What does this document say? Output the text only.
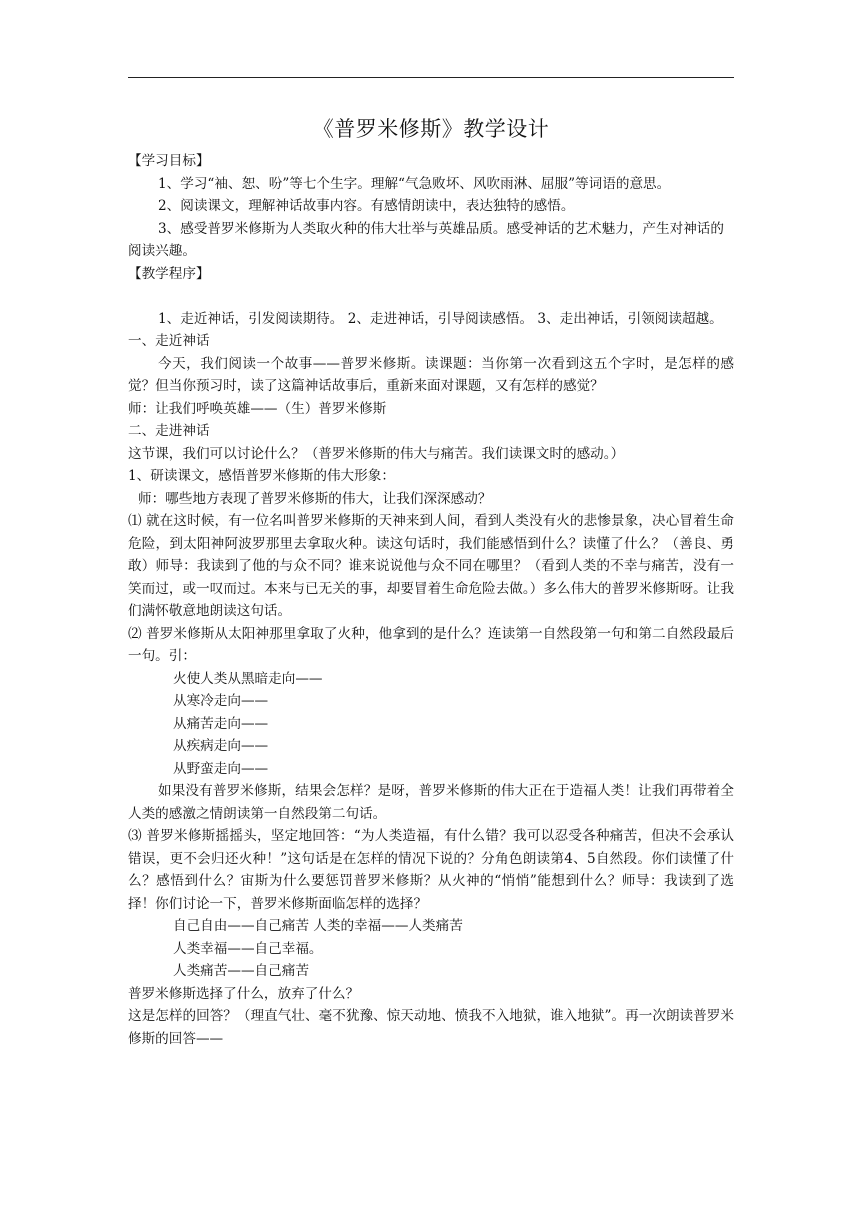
《普罗米修斯》教学设计

【学习目标】

1、学习“袖、恕、吩”等七个生字。理解“气急败坏、风吹雨淋、屈服”等词语的意思。

2、阅读课文，理解神话故事内容。有感情朗读中，表达独特的感悟。

3、感受普罗米修斯为人类取火种的伟大壮举与英雄品质。感受神话的艺术魅力，产生对神话的阅读兴趣。

【教学程序】

1、走近神话，引发阅读期待。 2、走进神话，引导阅读感悟。 3、走出神话，引领阅读超越。

一、走近神话

今天，我们阅读一个故事——普罗米修斯。读课题：当你第一次看到这五个字时，是怎样的感觉？但当你预习时，读了这篇神话故事后，重新来面对课题，又有怎样的感觉？

师：让我们呼唤英雄——（生）普罗米修斯

二、走进神话

这节课，我们可以讨论什么？（普罗米修斯的伟大与痛苦。我们读课文时的感动。）

1、研读课文，感悟普罗米修斯的伟大形象：

师：哪些地方表现了普罗米修斯的伟大，让我们深深感动？

⑴ 就在这时候，有一位名叫普罗米修斯的天神来到人间，看到人类没有火的悲惨景象，决心冒着生命危险，到太阳神阿波罗那里去拿取火种。读这句话时，我们能感悟到什么？读懂了什么？（善良、勇敢）师导：我读到了他的与众不同？谁来说说他与众不同在哪里？（看到人类的不幸与痛苦，没有一笑而过，或一叹而过。本来与已无关的事，却要冒着生命危险去做。）多么伟大的普罗米修斯呀。让我们满怀敬意地朗读这句话。

⑵ 普罗米修斯从太阳神那里拿取了火种，他拿到的是什么？连读第一自然段第一句和第二自然段最后一句。引：

火使人类从黑暗走向——

从寒冷走向——

从痛苦走向——

从疾病走向——

从野蛮走向——

如果没有普罗米修斯，结果会怎样？是呀，普罗米修斯的伟大正在于造福人类！让我们再带着全人类的感激之情朗读第一自然段第二句话。

⑶ 普罗米修斯摇摇头，坚定地回答：“为人类造福，有什么错？我可以忍受各种痛苦，但决不会承认错误，更不会归还火种！”这句话是在怎样的情况下说的？分角色朗读第4、5自然段。你们读懂了什么？感悟到什么？宙斯为什么要惩罚普罗米修斯？从火神的“悄悄”能想到什么？师导：我读到了选择！你们讨论一下，普罗米修斯面临怎样的选择？

自己自由——自己痛苦 人类的幸福——人类痛苦

人类幸福——自己幸福。

人类痛苦——自己痛苦

普罗米修斯选择了什么，放弃了什么？

这是怎样的回答？（理直气壮、毫不犹豫、惊天动地、愤我不入地狱，谁入地狱”。再一次朗读普罗米修斯的回答——
